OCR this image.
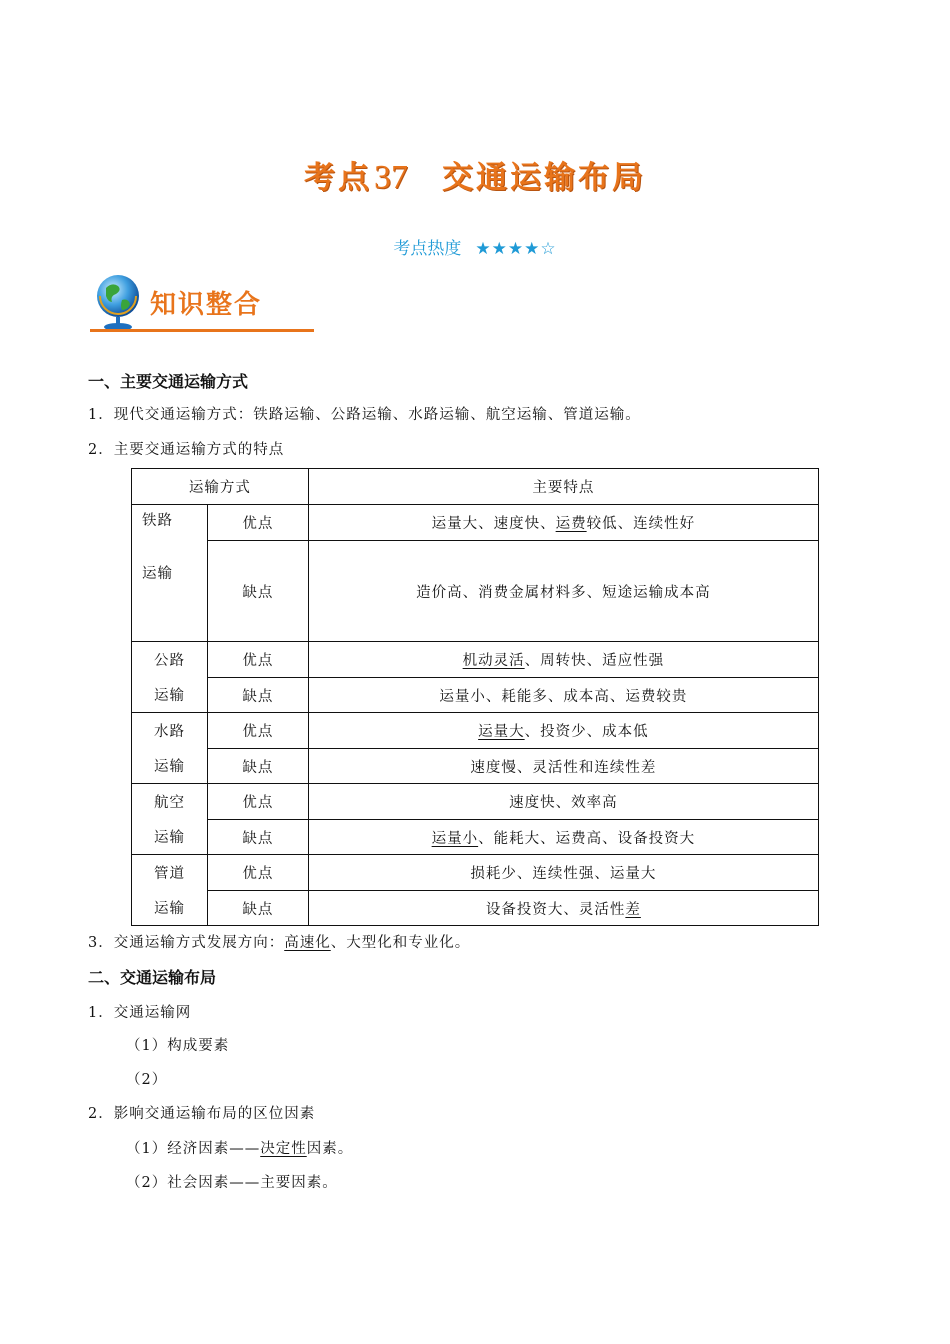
考点37 交通运输布局
考点热度 ★★★★☆
知识整合
一、主要交通运输方式
1．现代交通运输方式：铁路运输、公路运输、水路运输、航空运输、管道运输。
2．主要交通运输方式的特点
运输方式		主要特点

铁路
运输	优点	运量大、速度快、运费较低、连续性好
	缺点	造价高、消费金属材料多、短途运输成本高

公路
运输	优点	机动灵活、周转快、适应性强
	缺点	运量小、耗能多、成本高、运费较贵

水路
运输	优点	运量大、投资少、成本低
	缺点	速度慢、灵活性和连续性差

航空
运输	优点	速度快、效率高
	缺点	运量小、能耗大、运费高、设备投资大

管道
运输	优点	损耗少、连续性强、运量大
	缺点	设备投资大、灵活性差
3．交通运输方式发展方向：高速化、大型化和专业化。
二、交通运输布局
1．交通运输网
（1）构成要素
（2）
2．影响交通运输布局的区位因素
（1）经济因素——决定性因素。
（2）社会因素——主要因素。
